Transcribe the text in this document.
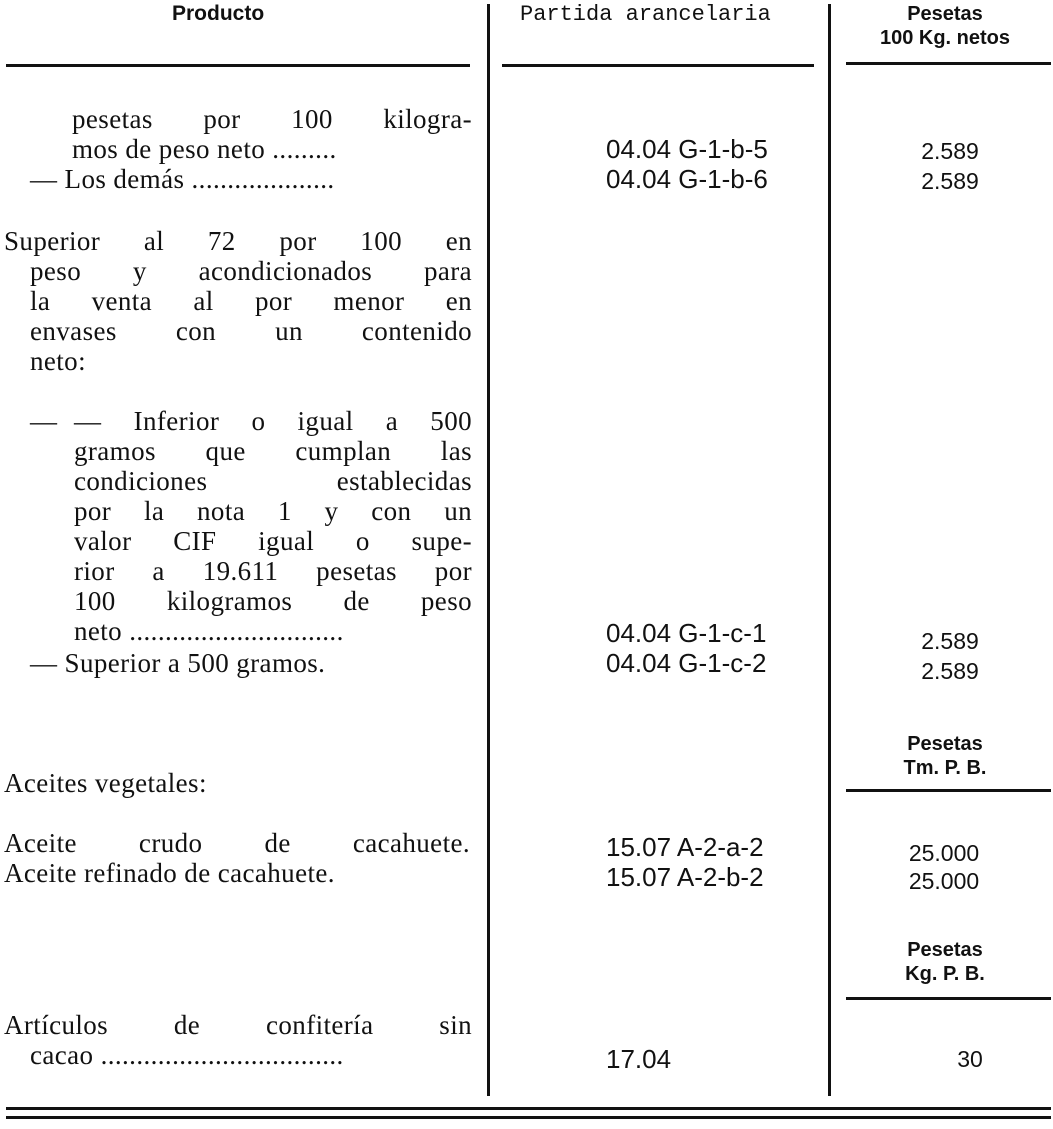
Producto	Partida arancelaria	Pesetas
100 Kg. netos
pesetas por 100 kilogra-
mos de peso neto .........	04.04 G-1-b-5	2.589
— Los demás ....................	04.04 G-1-b-6	2.589
Superior al 72 por 100 en
peso y acondicionados para
la venta al por menor en
envases con un contenido
neto:
— — Inferior o igual a 500
gramos que cumplan las
condiciones establecidas
por la nota 1 y con un
valor CIF igual o supe-
rior a 19.611 pesetas por
100 kilogramos de peso
neto ..............................	04.04 G-1-c-1	2.589
— Superior a 500 gramos.	04.04 G-1-c-2	2.589
Pesetas
Tm. P. B.
Aceites vegetales:
Aceite crudo de cacahuete.	15.07 A-2-a-2	25.000
Aceite refinado de cacahuete.	15.07 A-2-b-2	25.000
Pesetas
Kg. P. B.
Artículos de confitería sin
cacao ..................................	17.04	30
